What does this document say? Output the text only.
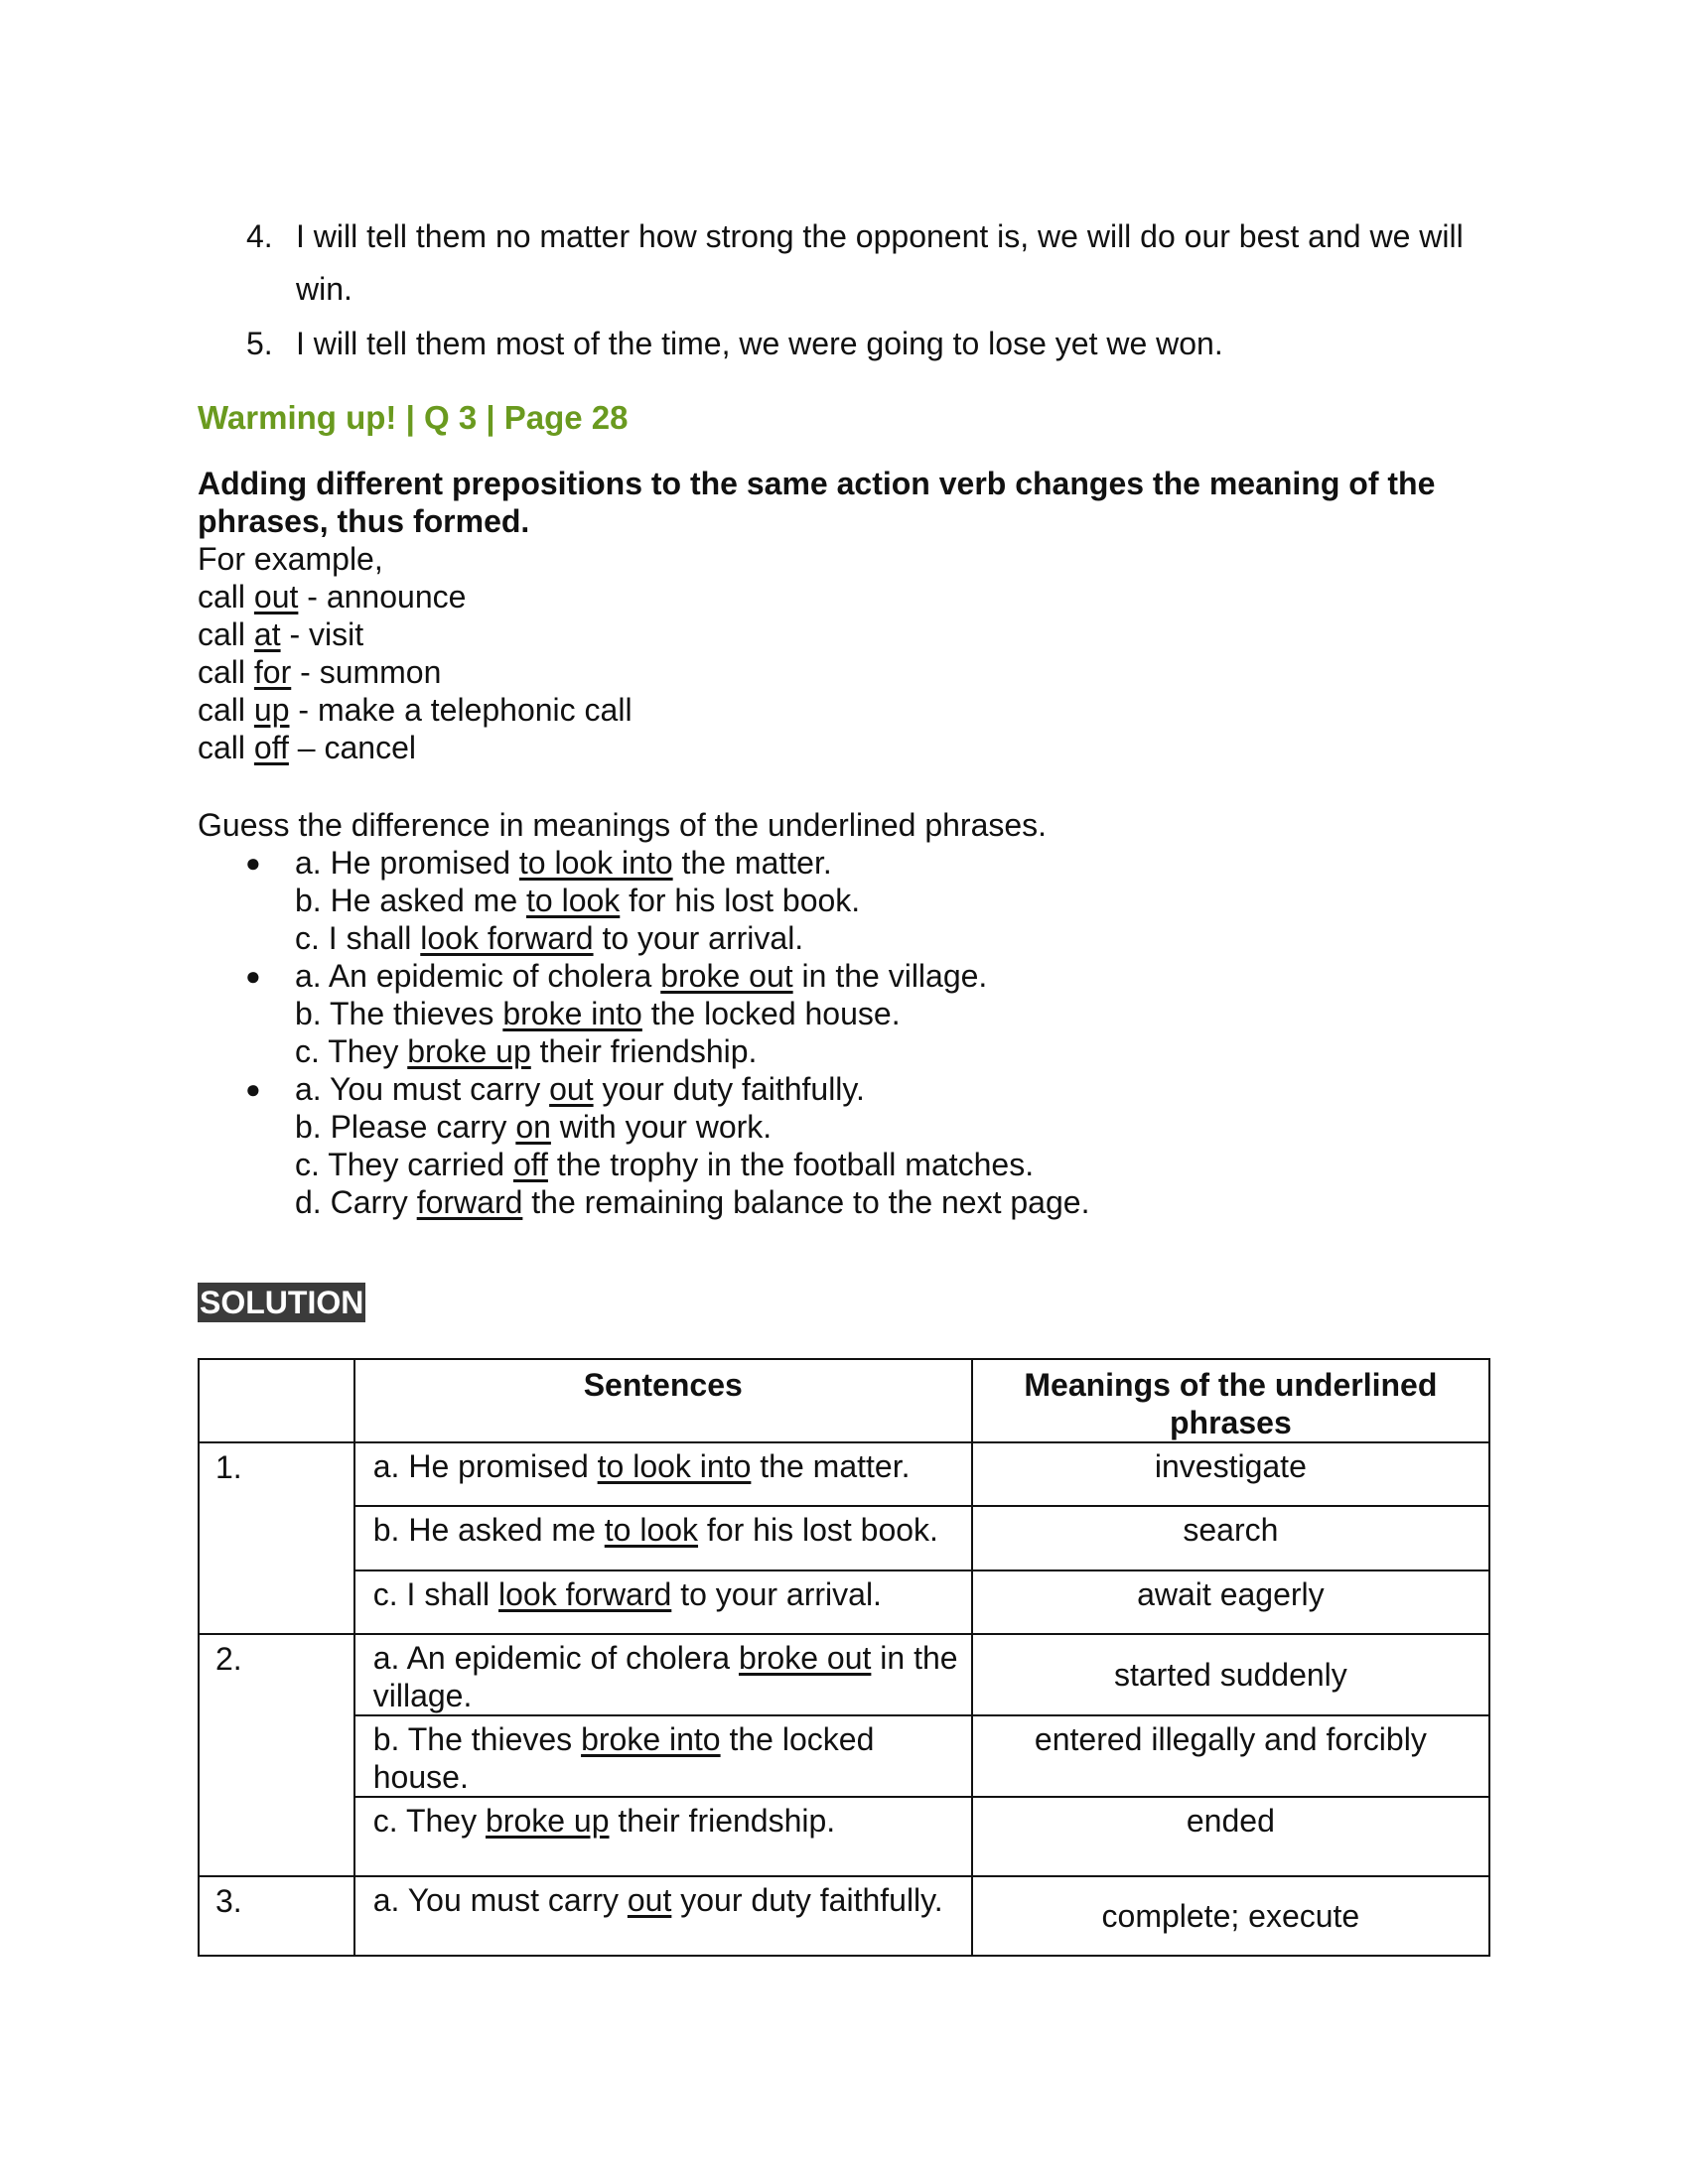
4. I will tell them no matter how strong the opponent is, we will do our best and we will win.
5. I will tell them most of the time, we were going to lose yet we won.
Warming up! | Q 3 | Page 28
Adding different prepositions to the same action verb changes the meaning of the phrases, thus formed.
For example,
call out - announce
call at - visit
call for - summon
call up - make a telephonic call
call off – cancel
Guess the difference in meanings of the underlined phrases.
● a. He promised to look into the matter.
b. He asked me to look for his lost book.
c. I shall look forward to your arrival.
● a. An epidemic of cholera broke out in the village.
b. The thieves broke into the locked house.
c. They broke up their friendship.
● a. You must carry out your duty faithfully.
b. Please carry on with your work.
c. They carried off the trophy in the football matches.
d. Carry forward the remaining balance to the next page.
SOLUTION
	Sentences	Meanings of the underlined phrases
1.	a. He promised to look into the matter.	investigate
	b. He asked me to look for his lost book.	search
	c. I shall look forward to your arrival.	await eagerly
2.	a. An epidemic of cholera broke out in the village.	started suddenly
	b. The thieves broke into the locked house.	entered illegally and forcibly
	c. They broke up their friendship.	ended
3.	a. You must carry out your duty faithfully.	complete; execute
